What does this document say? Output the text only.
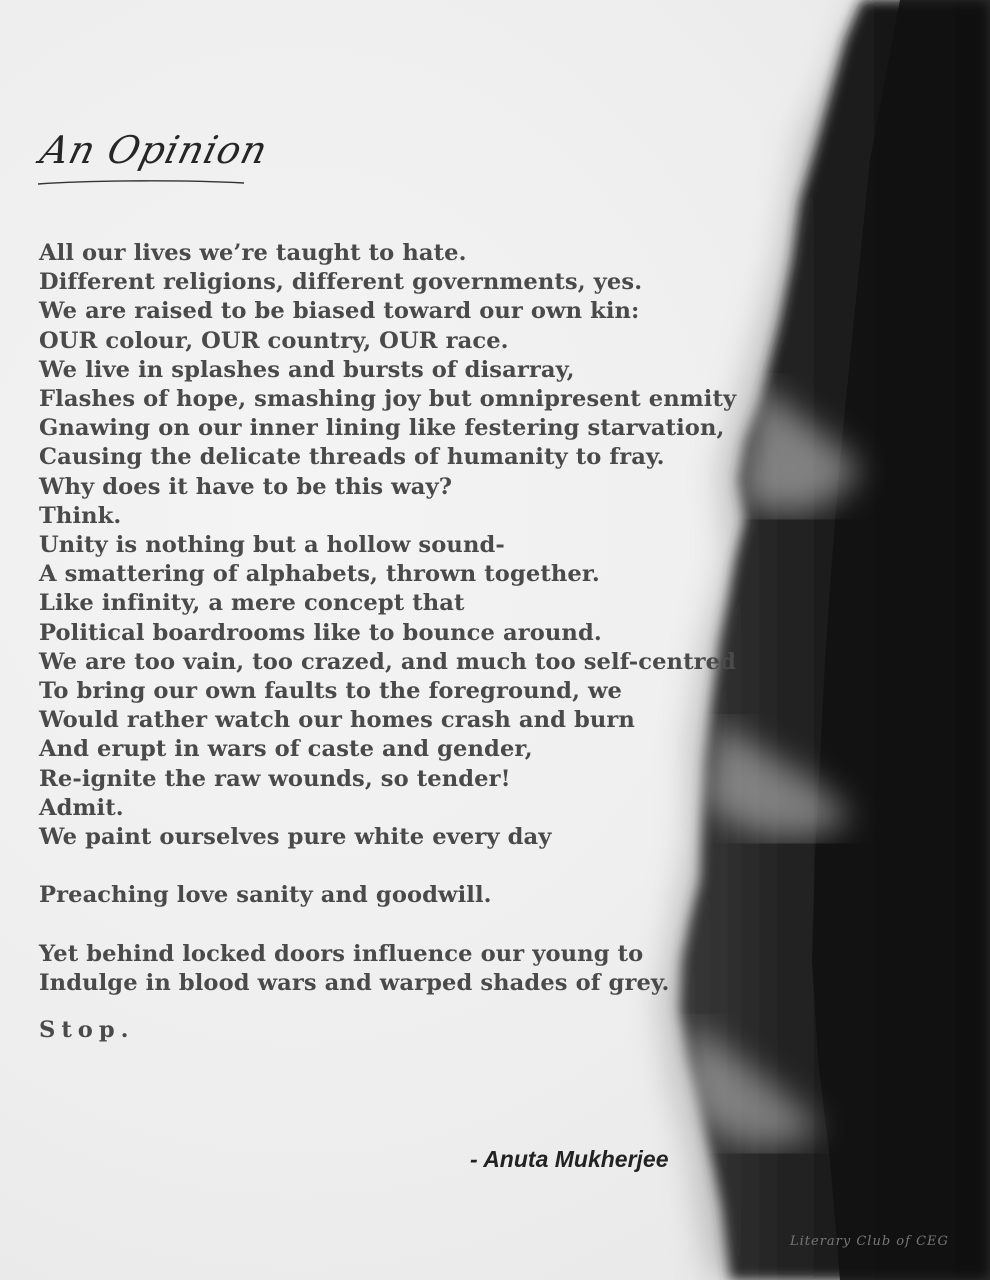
An Opinion
All our lives we’re taught to hate.
Different religions, different governments, yes.
We are raised to be biased toward our own kin:
OUR colour, OUR country, OUR race.
We live in splashes and bursts of disarray,
Flashes of hope, smashing joy but omnipresent enmity
Gnawing on our inner lining like festering starvation,
Causing the delicate threads of humanity to fray.
Why does it have to be this way?
Think.
Unity is nothing but a hollow sound-
A smattering of alphabets, thrown together.
Like infinity, a mere concept that
Political boardrooms like to bounce around.
We are too vain, too crazed, and much too self-centred
To bring our own faults to the foreground, we
Would rather watch our homes crash and burn
And erupt in wars of caste and gender,
Re-ignite the raw wounds, so tender!
Admit.
We paint ourselves pure white every day
Preaching love sanity and goodwill.
Yet behind locked doors influence our young to
Indulge in blood wars and warped shades of grey.
Stop.
- Anuta Mukherjee
Literary Club of CEG
